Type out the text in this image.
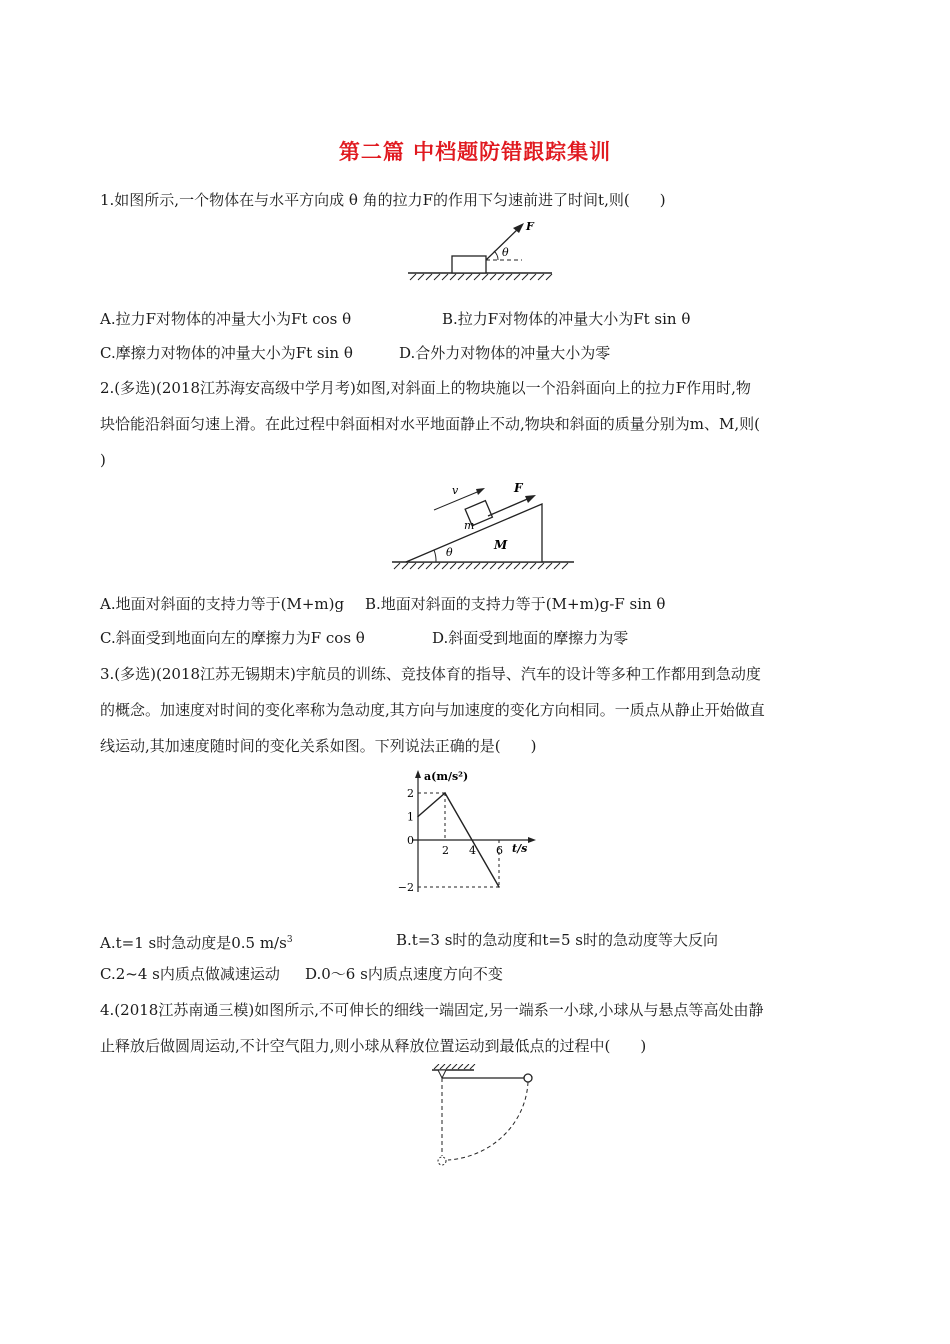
第二篇 中档题防错跟踪集训
1.如图所示,一个物体在与水平方向成 θ 角的拉力F的作用下匀速前进了时间t,则(　　)
F
θ
A.拉力F对物体的冲量大小为Ft cos θ	B.拉力F对物体的冲量大小为Ft sin θ
C.摩擦力对物体的冲量大小为Ft sin θ	D.合外力对物体的冲量大小为零
2.(多选)(2018江苏海安高级中学月考)如图,对斜面上的物块施以一个沿斜面向上的拉力F作用时,物
块恰能沿斜面匀速上滑。在此过程中斜面相对水平地面静止不动,物块和斜面的质量分别为m、M,则(
)
m
F
v
θ
M
A.地面对斜面的支持力等于(M+m)g B.地面对斜面的支持力等于(M+m)g-F sin θ
C.斜面受到地面向左的摩擦力为F cos θ	D.斜面受到地面的摩擦力为零
3.(多选)(2018江苏无锡期末)宇航员的训练、竞技体育的指导、汽车的设计等多种工作都用到急动度
的概念。加速度对时间的变化率称为急动度,其方向与加速度的变化方向相同。一质点从静止开始做直
线运动,其加速度随时间的变化关系如图。下列说法正确的是(　　)
2 4 6
2
1
0
−2
a(m/s²)
t/s
A.t=1 s时急动度是0.5 $m/s^3$	B.t=3 s时的急动度和t=5 s时的急动度等大反向
C.2~4 s内质点做减速运动 D.0～6 s内质点速度方向不变
4.(2018江苏南通三模)如图所示,不可伸长的细线一端固定,另一端系一小球,小球从与悬点等高处由静
止释放后做圆周运动,不计空气阻力,则小球从释放位置运动到最低点的过程中(　　)
